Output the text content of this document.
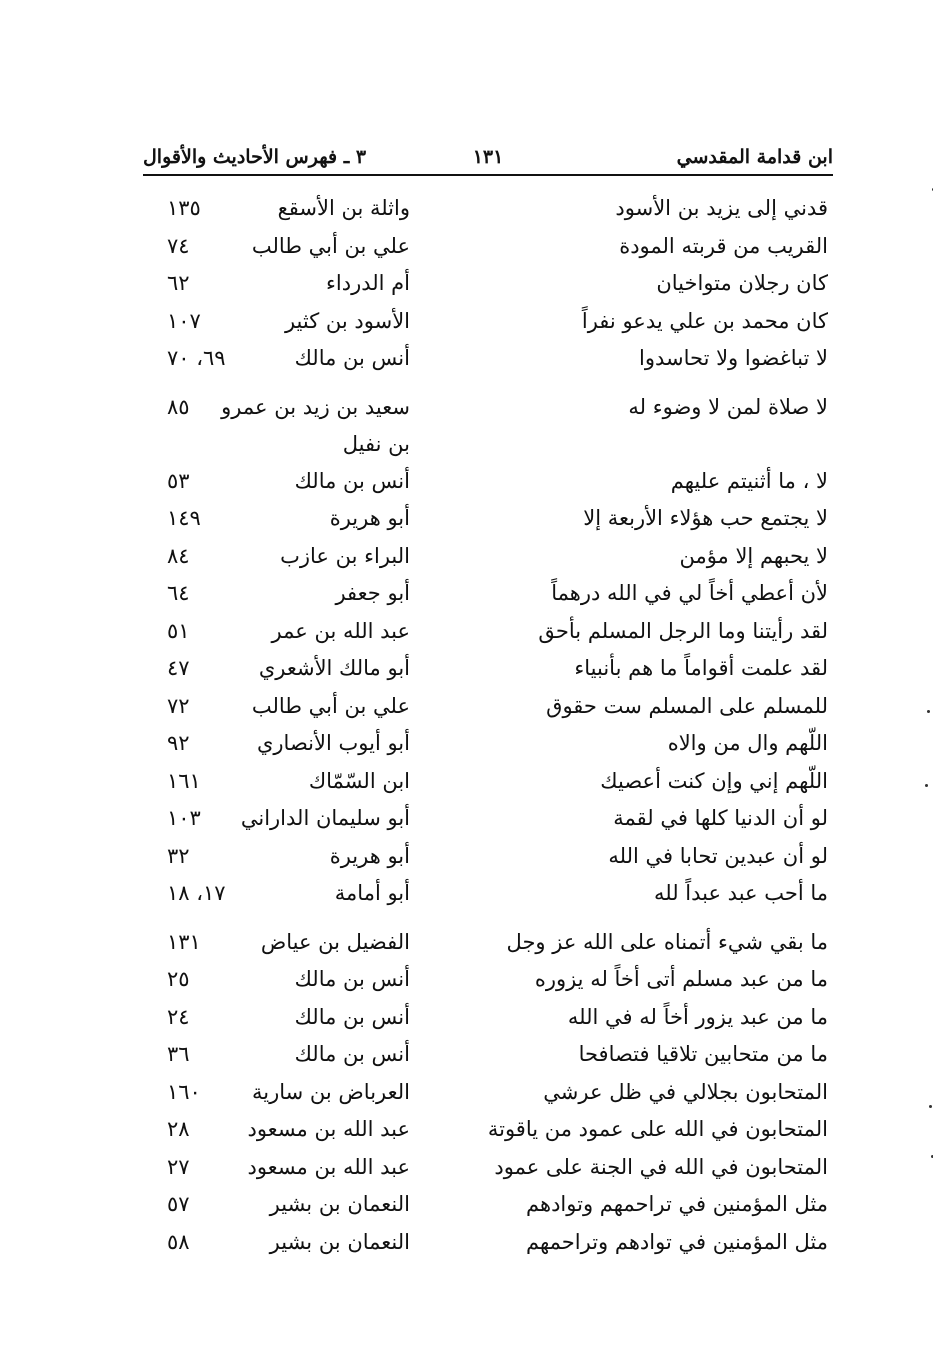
ابن قدامة المقدسي
١٣١
٣ ـ فهرس الأحاديث والأقوال
قدني إلى يزيد بن الأسود
واثلة بن الأسقع
١٣٥
القريب من قربته المودة
علي بن أبي طالب
٧٤
كان رجلان متواخيان
أم الدرداء
٦٢
كان محمد بن علي يدعو نفراً
الأسود بن كثير
١٠٧
لا تباغضوا ولا تحاسدوا
أنس بن مالك
٦٩، ٧٠
لا صلاة لمن لا وضوء له
سعيد بن زيد بن عمرو بن نفيل
٨٥
لا ، ما أثنيتم عليهم
أنس بن مالك
٥٣
لا يجتمع حب هؤلاء الأربعة إلا
أبو هريرة
١٤٩
لا يحبهم إلا مؤمن
البراء بن عازب
٨٤
لأن أعطي أخاً لي في الله درهماً
أبو جعفر
٦٤
لقد رأيتنا وما الرجل المسلم بأحق
عبد الله بن عمر
٥١
لقد علمت أقواماً ما هم بأنبياء
أبو مالك الأشعري
٤٧
للمسلم على المسلم ست حقوق
علي بن أبي طالب
٧٢
اللّهم وال من والاه
أبو أيوب الأنصاري
٩٢
اللّهم إني وإن كنت أعصيك
ابن السّمّاك
١٦١
لو أن الدنيا كلها في لقمة
أبو سليمان الداراني
١٠٣
لو أن عبدين تحابا في الله
أبو هريرة
٣٢
ما أحب عبد عبداً لله
أبو أمامة
١٧، ١٨
ما بقي شيء أتمناه على الله عز وجل
الفضيل بن عياض
١٣١
ما من عبد مسلم أتى أخاً له يزوره
أنس بن مالك
٢٥
ما من عبد يزور أخاً له في الله
أنس بن مالك
٢٤
ما من متحابين تلاقيا فتصافحا
أنس بن مالك
٣٦
المتحابون بجلالي في ظل عرشي
العرباض بن سارية
١٦٠
المتحابون في الله على عمود من ياقوتة
عبد الله بن مسعود
٢٨
المتحابون في الله في الجنة على عمود
عبد الله بن مسعود
٢٧
مثل المؤمنين في تراحمهم وتوادهم
النعمان بن بشير
٥٧
مثل المؤمنين في توادهم وتراحمهم
النعمان بن بشير
٥٨
